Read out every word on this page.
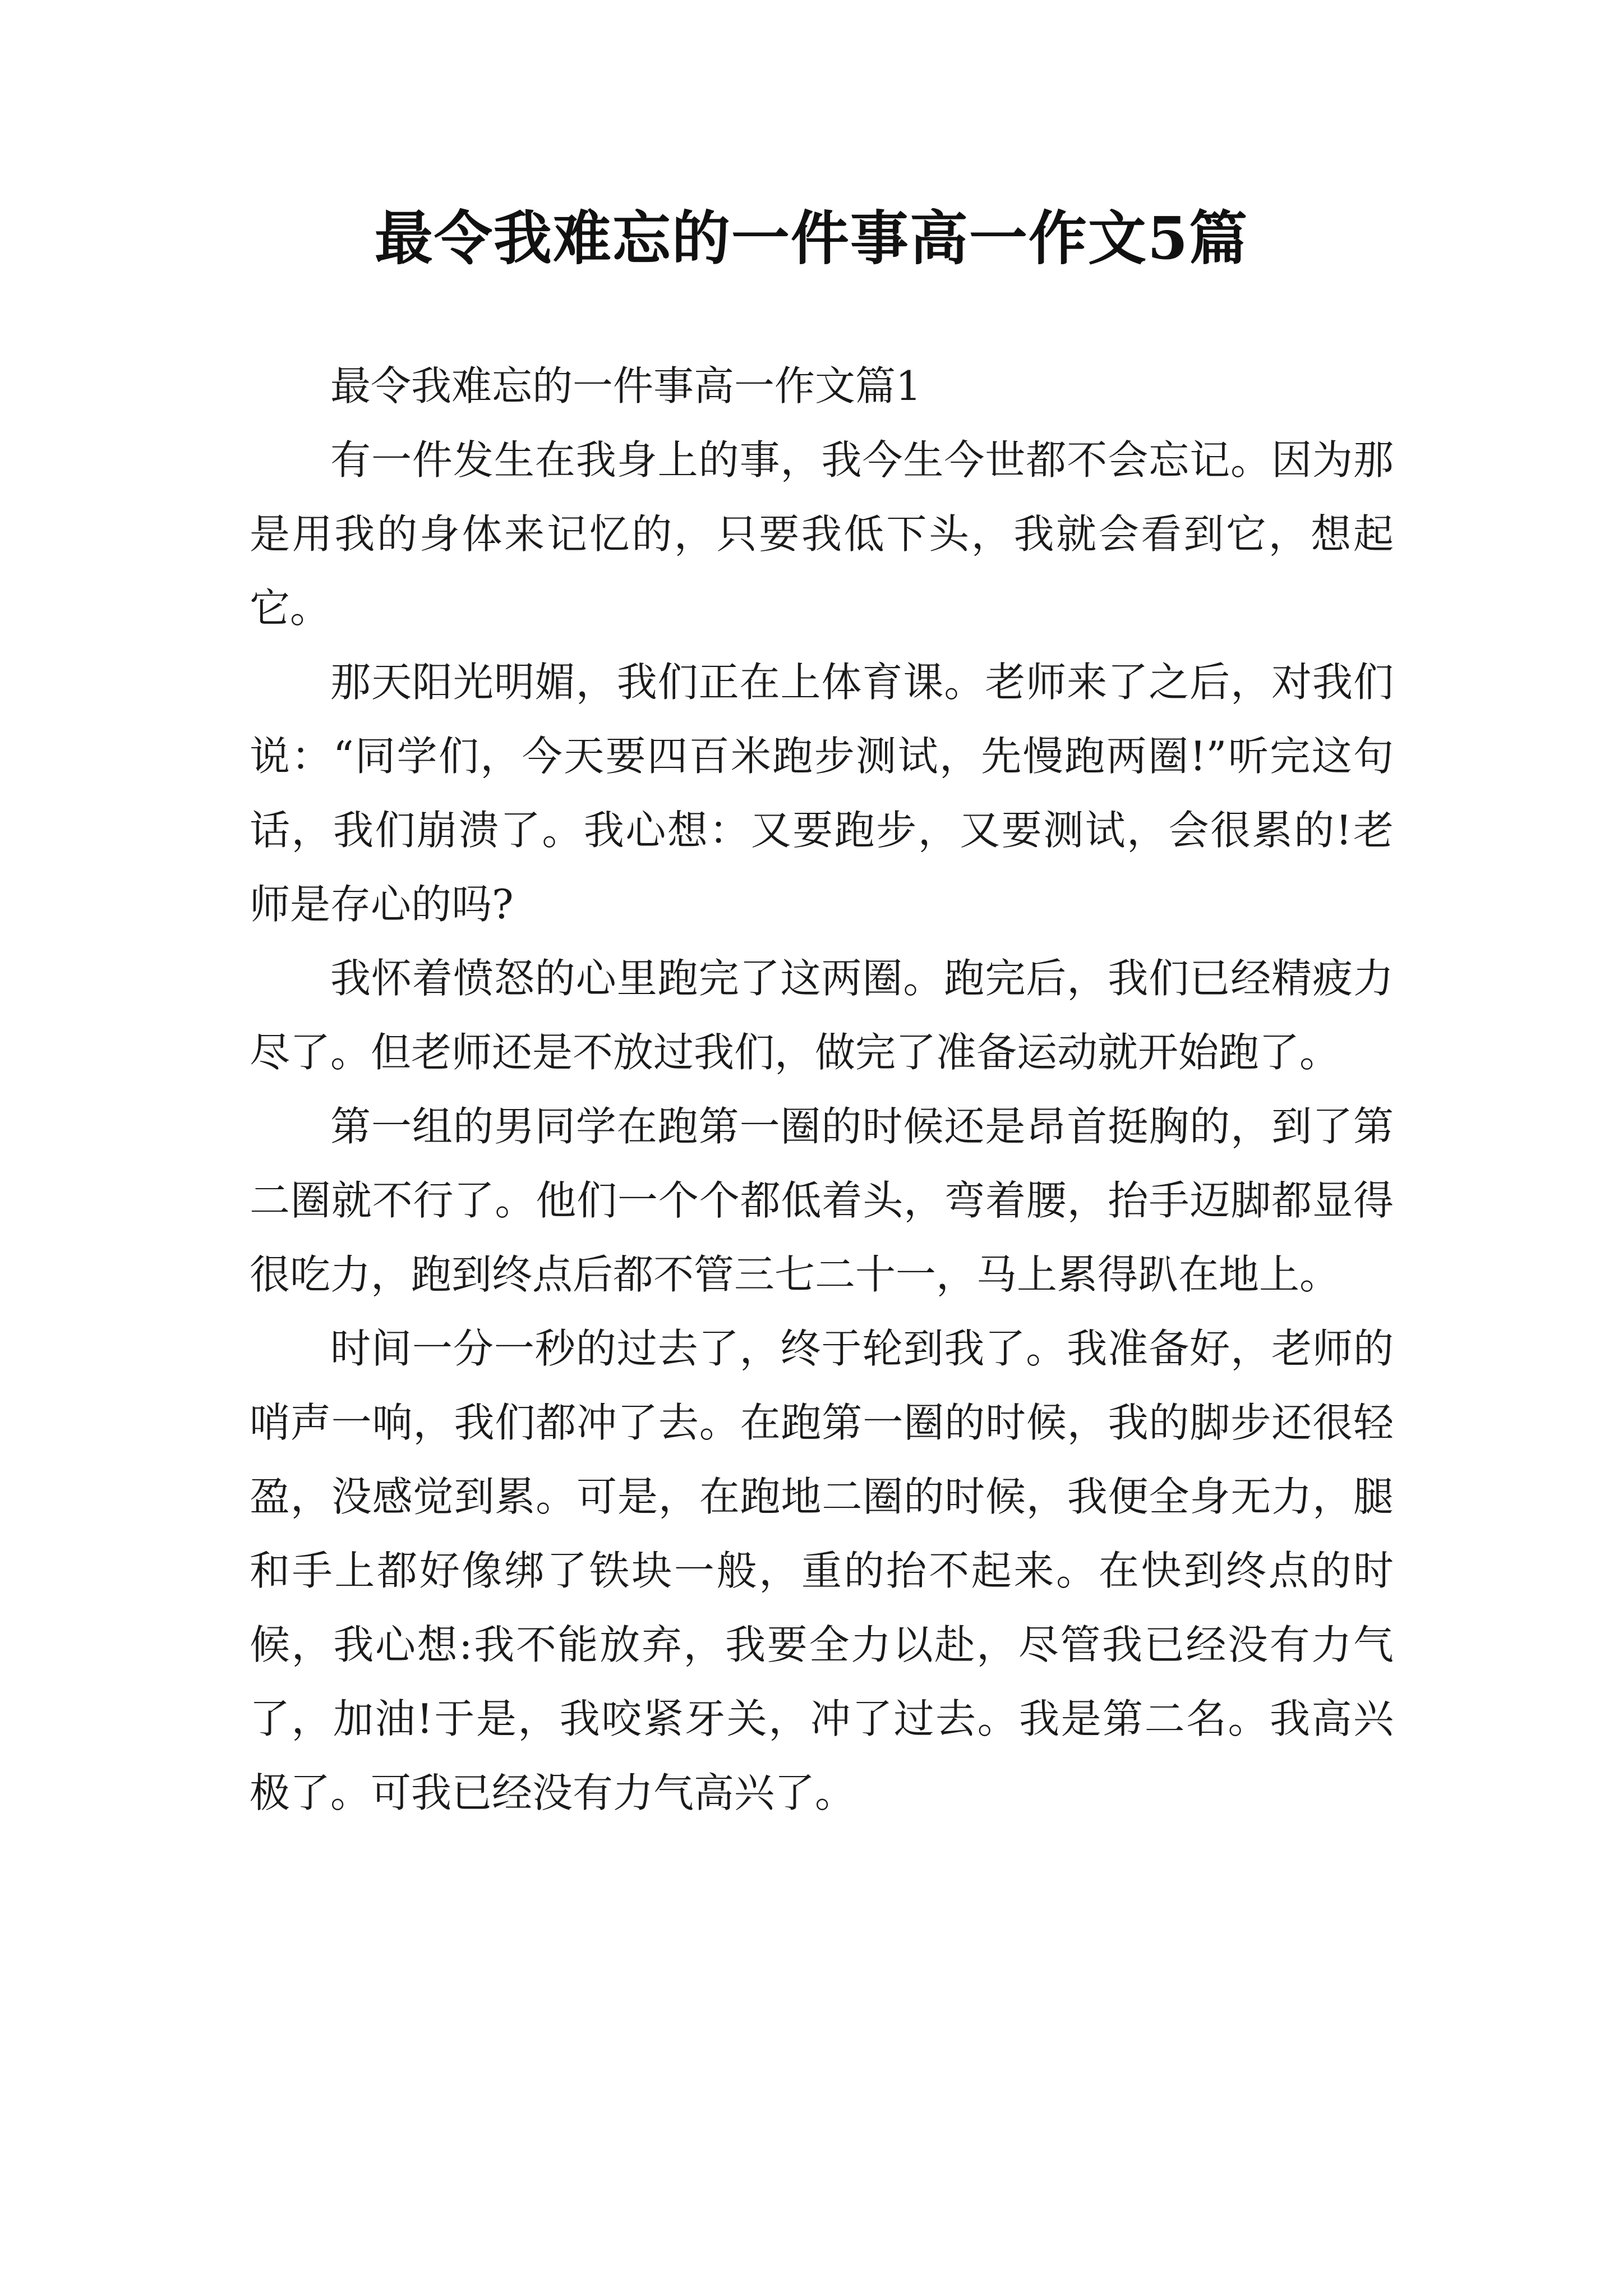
最令我难忘的一件事高一作文5篇

最令我难忘的一件事高一作文篇1

有一件发生在我身上的事，我今生今世都不会忘记。因为那是用我的身体来记忆的，只要我低下头，我就会看到它，想起它。

那天阳光明媚，我们正在上体育课。老师来了之后，对我们说：“同学们，今天要四百米跑步测试，先慢跑两圈!”听完这句话，我们崩溃了。我心想：又要跑步，又要测试，会很累的!老师是存心的吗?

我怀着愤怒的心里跑完了这两圈。跑完后，我们已经精疲力尽了。但老师还是不放过我们，做完了准备运动就开始跑了。

第一组的男同学在跑第一圈的时候还是昂首挺胸的，到了第二圈就不行了。他们一个个都低着头，弯着腰，抬手迈脚都显得很吃力，跑到终点后都不管三七二十一，马上累得趴在地上。

时间一分一秒的过去了，终于轮到我了。我准备好，老师的哨声一响，我们都冲了去。在跑第一圈的时候，我的脚步还很轻盈，没感觉到累。可是，在跑地二圈的时候，我便全身无力，腿和手上都好像绑了铁块一般，重的抬不起来。在快到终点的时候，我心想:我不能放弃，我要全力以赴，尽管我已经没有力气了，加油!于是，我咬紧牙关，冲了过去。我是第二名。我高兴极了。可我已经没有力气高兴了。
